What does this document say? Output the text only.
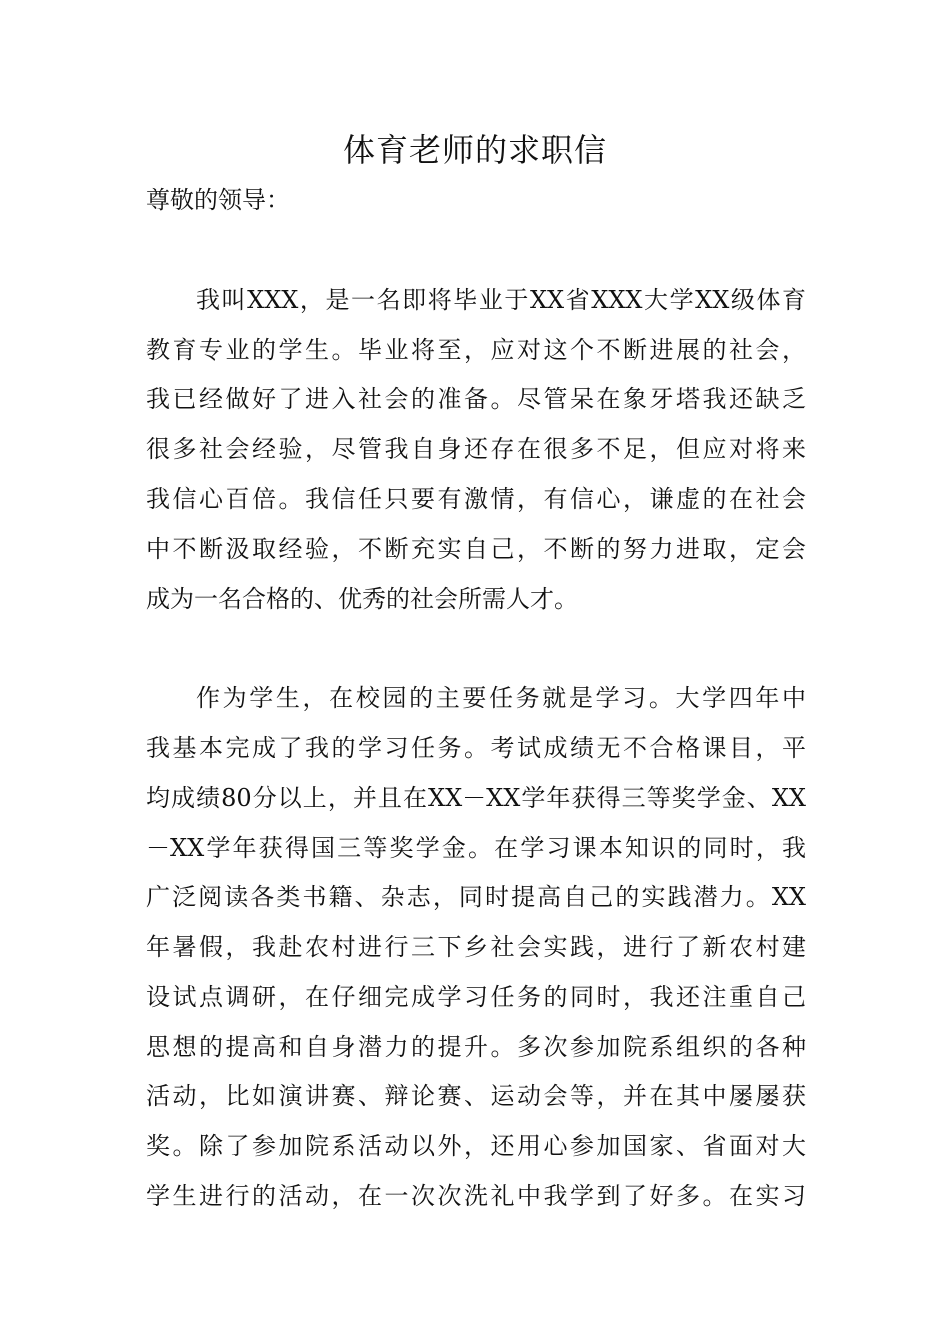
体育老师的求职信
尊敬的领导：
我叫XXX，是一名即将毕业于XX省XXX大学XX级体育
教育专业的学生。毕业将至，应对这个不断进展的社会，
我已经做好了进入社会的准备。尽管呆在象牙塔我还缺乏
很多社会经验，尽管我自身还存在很多不足，但应对将来
我信心百倍。我信任只要有激情，有信心，谦虚的在社会
中不断汲取经验，不断充实自己，不断的努力进取，定会
成为一名合格的、优秀的社会所需人才。
作为学生，在校园的主要任务就是学习。大学四年中
我基本完成了我的学习任务。考试成绩无不合格课目，平
均成绩80分以上，并且在XX－XX学年获得三等奖学金、XX
－XX学年获得国三等奖学金。在学习课本知识的同时，我
广泛阅读各类书籍、杂志，同时提高自己的实践潜力。XX
年暑假，我赴农村进行三下乡社会实践，进行了新农村建
设试点调研，在仔细完成学习任务的同时，我还注重自己
思想的提高和自身潜力的提升。多次参加院系组织的各种
活动，比如演讲赛、辩论赛、运动会等，并在其中屡屡获
奖。除了参加院系活动以外，还用心参加国家、省面对大
学生进行的活动，在一次次洗礼中我学到了好多。在实习
